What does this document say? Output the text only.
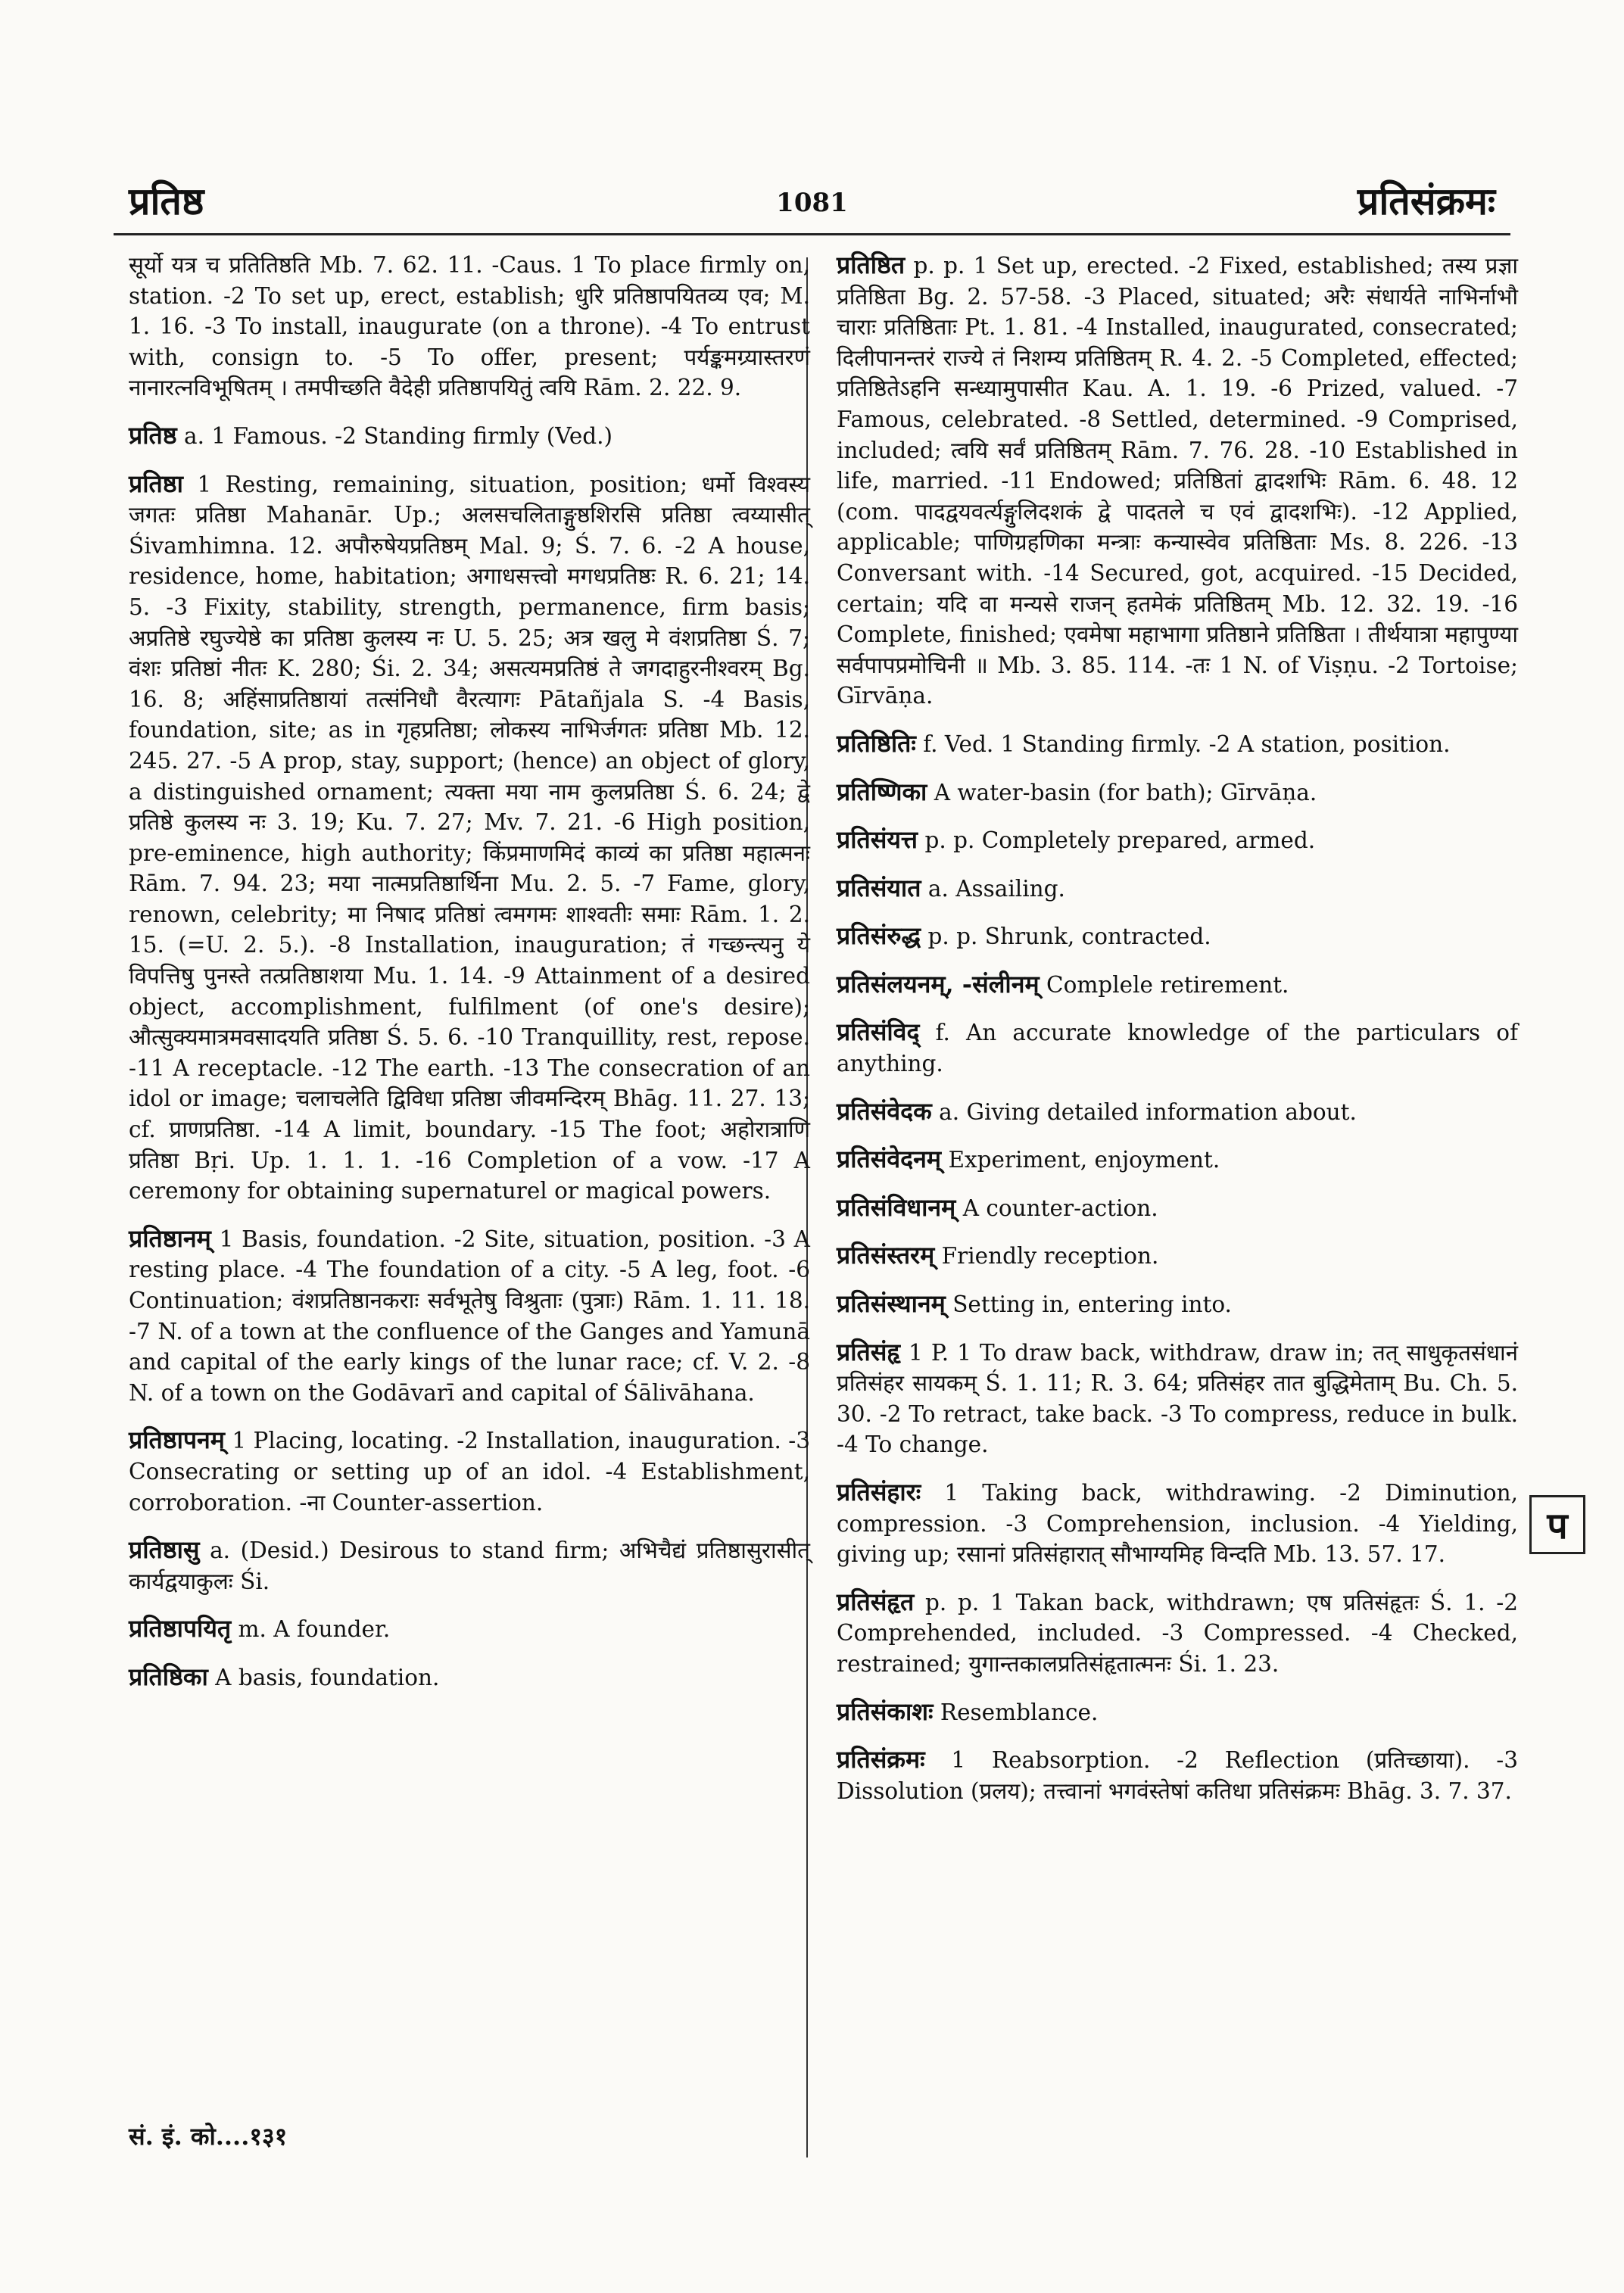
प्रतिष्ठ	1081	प्रतिसंक्रमः
सूर्यो यत्र च प्रतितिष्ठति Mb. 7. 62. 11. -Caus. 1 To place firmly on, station. -2 To set up, erect, establish; धुरि प्रतिष्ठापयितव्य एव; M. 1. 16. -3 To install, inaugurate (on a throne). -4 To entrust with, consign to. -5 To offer, present; पर्यङ्कमग्र्यास्तरणं नानारत्नविभूषितम् । तमपीच्छति वैदेही प्रतिष्ठापयितुं त्वयि Rām. 2. 22. 9.
प्रतिष्ठ a. 1 Famous. -2 Standing firmly (Ved.)
प्रतिष्ठा 1 Resting, remaining, situation, position; धर्मो विश्वस्य जगतः प्रतिष्ठा Mahanār. Up.; अलसचलिताङ्गुष्ठशिरसि प्रतिष्ठा त्वय्यासीत् Śivamhimna. 12. अपौरुषेयप्रतिष्ठम् Mal. 9; Ś. 7. 6. -2 A house, residence, home, habitation; अगाधसत्त्वो मगधप्रतिष्ठः R. 6. 21; 14. 5. -3 Fixity, stability, strength, permanence, firm basis; अप्रतिष्ठे रघुज्येष्ठे का प्रतिष्ठा कुलस्य नः U. 5. 25; अत्र खलु मे वंशप्रतिष्ठा Ś. 7; वंशः प्रतिष्ठां नीतः K. 280; Śi. 2. 34; असत्यमप्रतिष्ठं ते जगदाहुरनीश्वरम् Bg. 16. 8; अहिंसाप्रतिष्ठायां तत्संनिधौ वैरत्यागः Pātañjala S. -4 Basis, foundation, site; as in गृहप्रतिष्ठा; लोकस्य नाभिर्जगतः प्रतिष्ठा Mb. 12. 245. 27. -5 A prop, stay, support; (hence) an object of glory, a distinguished ornament; त्यक्ता मया नाम कुलप्रतिष्ठा Ś. 6. 24; द्वे प्रतिष्ठे कुलस्य नः 3. 19; Ku. 7. 27; Mv. 7. 21. -6 High position, pre-eminence, high authority; किंप्रमाणमिदं काव्यं का प्रतिष्ठा महात्मनः Rām. 7. 94. 23; मया नात्मप्रतिष्ठार्थिना Mu. 2. 5. -7 Fame, glory, renown, celebrity; मा निषाद प्रतिष्ठां त्वमगमः शाश्वतीः समाः Rām. 1. 2. 15. (=U. 2. 5.). -8 Installation, inauguration; तं गच्छन्त्यनु ये विपत्तिषु पुनस्ते तत्प्रतिष्ठाशया Mu. 1. 14. -9 Attainment of a desired object, accomplishment, fulfilment (of one's desire); औत्सुक्यमात्रमवसादयति प्रतिष्ठा Ś. 5. 6. -10 Tranquillity, rest, repose. -11 A receptacle. -12 The earth. -13 The consecration of an idol or image; चलाचलेति द्विविधा प्रतिष्ठा जीवमन्दिरम् Bhāg. 11. 27. 13; cf. प्राणप्रतिष्ठा. -14 A limit, boundary. -15 The foot; अहोरात्राणि प्रतिष्ठा Bṛi. Up. 1. 1. 1. -16 Completion of a vow. -17 A ceremony for obtaining supernaturel or magical powers.
प्रतिष्ठानम् 1 Basis, foundation. -2 Site, situation, position. -3 A resting place. -4 The foundation of a city. -5 A leg, foot. -6 Continuation; वंशप्रतिष्ठानकराः सर्वभूतेषु विश्रुताः (पुत्राः) Rām. 1. 11. 18. -7 N. of a town at the confluence of the Ganges and Yamunā and capital of the early kings of the lunar race; cf. V. 2. -8 N. of a town on the Godāvarī and capital of Śālivāhana.
प्रतिष्ठापनम् 1 Placing, locating. -2 Installation, inauguration. -3 Consecrating or setting up of an idol. -4 Establishment, corroboration. -ना Counter-assertion.
प्रतिष्ठासु a. (Desid.) Desirous to stand firm; अभिचैद्यं प्रतिष्ठासुरासीत् कार्यद्वयाकुलः Śi.
प्रतिष्ठापयितृ m. A founder.
प्रतिष्ठिका A basis, foundation.
प्रतिष्ठित p. p. 1 Set up, erected. -2 Fixed, established; तस्य प्रज्ञा प्रतिष्ठिता Bg. 2. 57-58. -3 Placed, situated; अरैः संधार्यते नाभिर्नाभौ चाराः प्रतिष्ठिताः Pt. 1. 81. -4 Installed, inaugurated, consecrated; दिलीपानन्तरं राज्ये तं निशम्य प्रतिष्ठितम् R. 4. 2. -5 Completed, effected; प्रतिष्ठितेऽहनि सन्ध्यामुपासीत Kau. A. 1. 19. -6 Prized, valued. -7 Famous, celebrated. -8 Settled, determined. -9 Comprised, included; त्वयि सर्वं प्रतिष्ठितम् Rām. 7. 76. 28. -10 Established in life, married. -11 Endowed; प्रतिष्ठितां द्वादशभिः Rām. 6. 48. 12 (com. पादद्वयवर्त्यङ्गुलिदशकं द्वे पादतले च एवं द्वादशभिः). -12 Applied, applicable; पाणिग्रहणिका मन्त्राः कन्यास्वेव प्रतिष्ठिताः Ms. 8. 226. -13 Conversant with. -14 Secured, got, acquired. -15 Decided, certain; यदि वा मन्यसे राजन् हतमेकं प्रतिष्ठितम् Mb. 12. 32. 19. -16 Complete, finished; एवमेषा महाभागा प्रतिष्ठाने प्रतिष्ठिता । तीर्थयात्रा महापुण्या सर्वपापप्रमोचिनी ॥ Mb. 3. 85. 114. -तः 1 N. of Viṣṇu. -2 Tortoise; Gīrvāṇa.
प्रतिष्ठितिः f. Ved. 1 Standing firmly. -2 A station, position.
प्रतिष्णिका A water-basin (for bath); Gīrvāṇa.
प्रतिसंयत्त p. p. Completely prepared, armed.
प्रतिसंयात a. Assailing.
प्रतिसंरुद्ध p. p. Shrunk, contracted.
प्रतिसंलयनम्, -संलीनम् Complele retirement.
प्रतिसंविद् f. An accurate knowledge of the particulars of anything.
प्रतिसंवेदक a. Giving detailed information about.
प्रतिसंवेदनम् Experiment, enjoyment.
प्रतिसंविधानम् A counter-action.
प्रतिसंस्तरम् Friendly reception.
प्रतिसंस्थानम् Setting in, entering into.
प्रतिसंहृ 1 P. 1 To draw back, withdraw, draw in; तत् साधुकृतसंधानं प्रतिसंहर सायकम् Ś. 1. 11; R. 3. 64; प्रतिसंहर तात बुद्धिमेताम् Bu. Ch. 5. 30. -2 To retract, take back. -3 To compress, reduce in bulk. -4 To change.
प्रतिसंहारः 1 Taking back, withdrawing. -2 Diminution, compression. -3 Comprehension, inclusion. -4 Yielding, giving up; रसानां प्रतिसंहारात् सौभाग्यमिह विन्दति Mb. 13. 57. 17.
प्रतिसंहृत p. p. 1 Takan back, withdrawn; एष प्रतिसंहृतः Ś. 1. -2 Comprehended, included. -3 Compressed. -4 Checked, restrained; युगान्तकालप्रतिसंहृतात्मनः Śi. 1. 23.
प्रतिसंकाशः Resemblance.
प्रतिसंक्रमः 1 Reabsorption. -2 Reflection (प्रतिच्छाया). -3 Dissolution (प्रलय); तत्त्वानां भगवंस्तेषां कतिधा प्रतिसंक्रमः Bhāg. 3. 7. 37.
सं. इं. को....१३१
प
